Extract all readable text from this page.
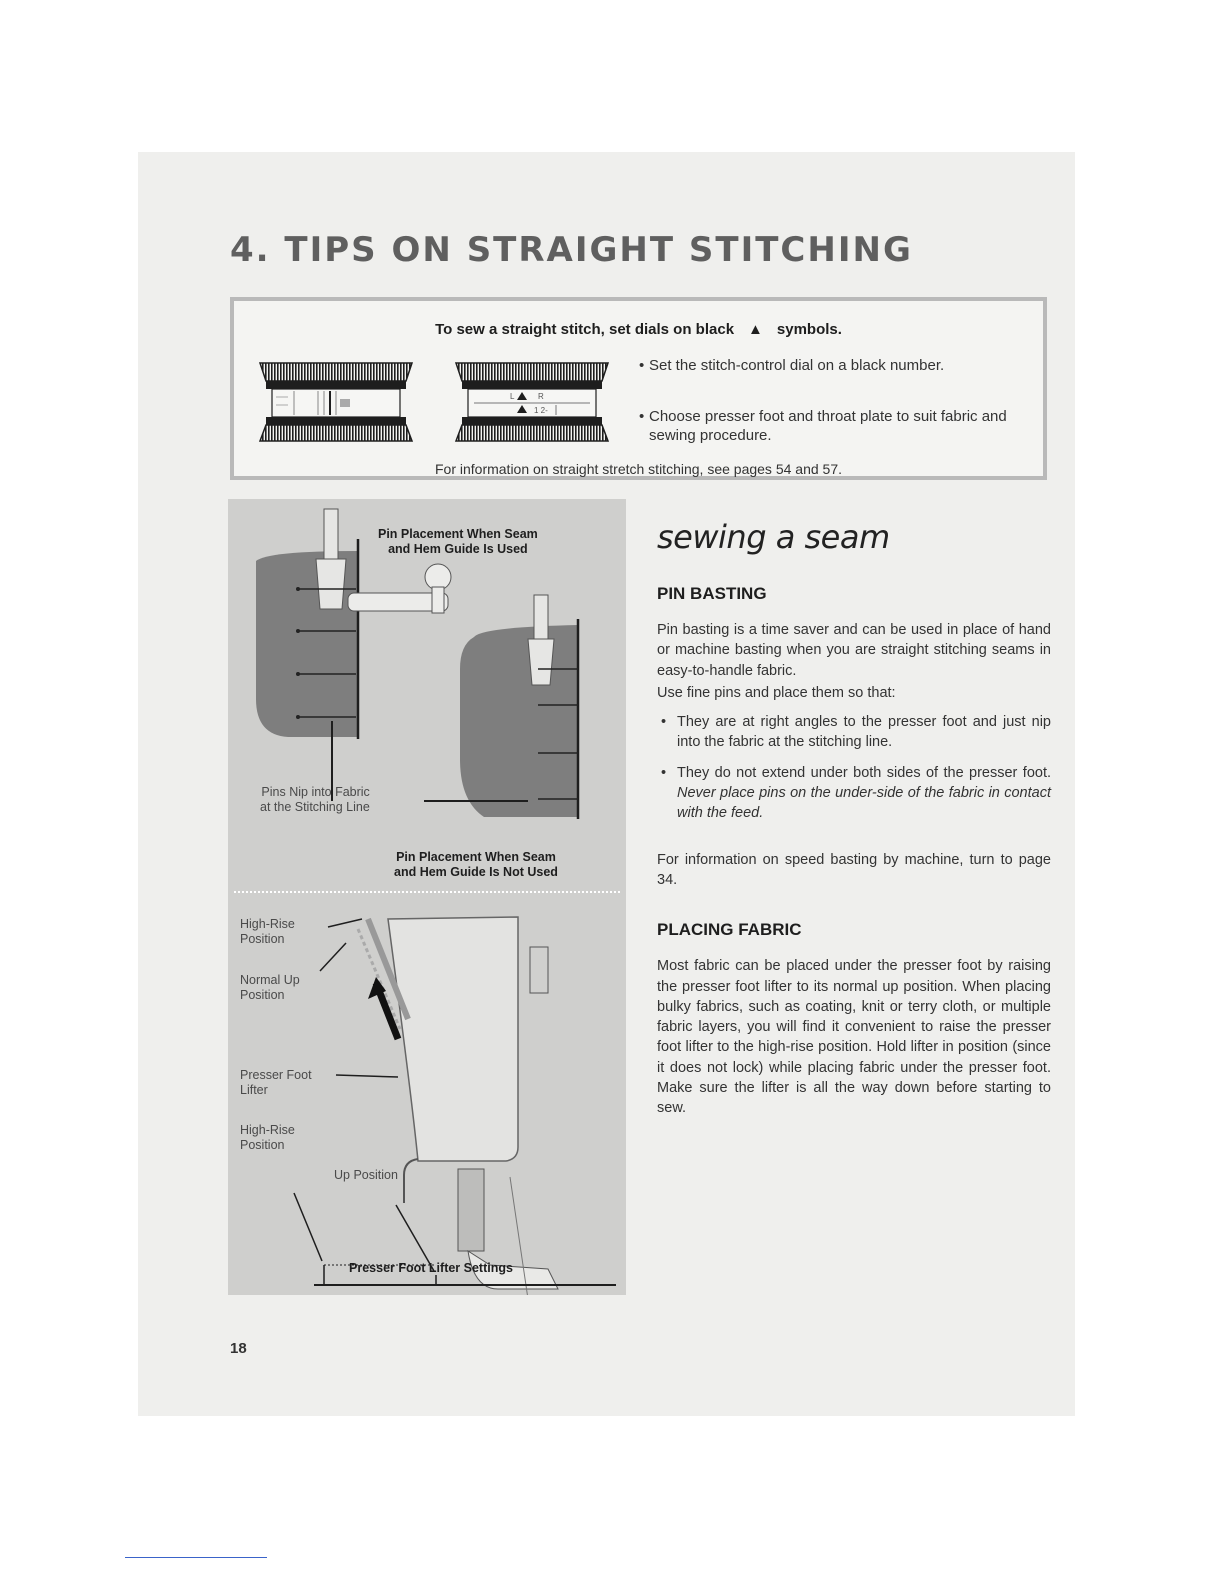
4. TIPS ON STRAIGHT STITCHING
To sew a straight stitch, set dials on black ▲ symbols.
L	R
1 2-
• Set the stitch-control dial on a black number.
• Choose presser foot and throat plate to suit fabric and sewing procedure.
For information on straight stretch stitching, see pages 54 and 57.
Pin Placement When Seam
and Hem Guide Is Used
Pins Nip into Fabric
at the Stitching Line
Pin Placement When Seam
and Hem Guide Is Not Used
High-Rise
Position
Normal Up
Position
Presser Foot
Lifter
High-Rise
Position
Up Position
Presser Foot Lifter Settings
sewing a seam
PIN BASTING

Pin basting is a time saver and can be used in place of hand or machine basting when you are straight stitching seams in easy-to-handle fabric.

Use fine pins and place them so that:

• They are at right angles to the presser foot and just nip into the fabric at the stitching line.
• They do not extend under both sides of the presser foot. Never place pins on the under-side of the fabric in contact with the feed.

For information on speed basting by machine, turn to page 34.

PLACING FABRIC

Most fabric can be placed under the presser foot by raising the presser foot lifter to its normal up position. When placing bulky fabrics, such as coating, knit or terry cloth, or multiple fabric layers, you will find it convenient to raise the presser foot lifter to the high-rise position. Hold lifter in position (since it does not lock) while placing fabric under the presser foot. Make sure the lifter is all the way down before starting to sew.

18
